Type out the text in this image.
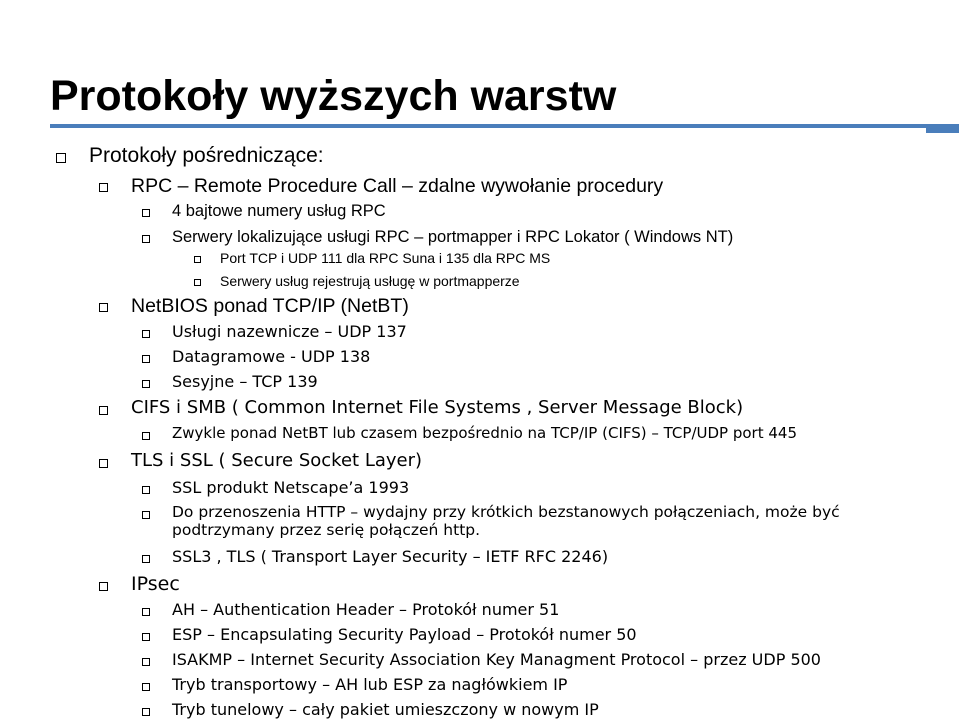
Protokoły wyższych warstw
Protokoły pośredniczące:
RPC – Remote Procedure Call – zdalne wywołanie procedury
4 bajtowe numery usług RPC
Serwery lokalizujące usługi RPC – portmapper i RPC Lokator ( Windows NT)
Port TCP i UDP 111 dla RPC Suna i 135 dla RPC MS
Serwery usług rejestrują usługę w portmapperze
NetBIOS ponad TCP/IP (NetBT)
Usługi nazewnicze – UDP 137
Datagramowe - UDP 138
Sesyjne – TCP 139
CIFS i SMB ( Common Internet File Systems , Server Message Block)
Zwykle ponad NetBT lub czasem bezpośrednio na TCP/IP (CIFS) – TCP/UDP port 445
TLS i SSL ( Secure Socket Layer)
SSL produkt Netscape’a 1993
Do przenoszenia HTTP – wydajny przy krótkich bezstanowych połączeniach, może być
podtrzymany przez serię połączeń http.
SSL3 , TLS ( Transport Layer Security – IETF RFC 2246)
IPsec
AH – Authentication Header – Protokół numer 51
ESP – Encapsulating Security Payload – Protokół numer 50
ISAKMP – Internet Security Association Key Managment Protocol – przez UDP 500
Tryb transportowy – AH lub ESP za nagłówkiem IP
Tryb tunelowy – cały pakiet umieszczony w nowym IP
